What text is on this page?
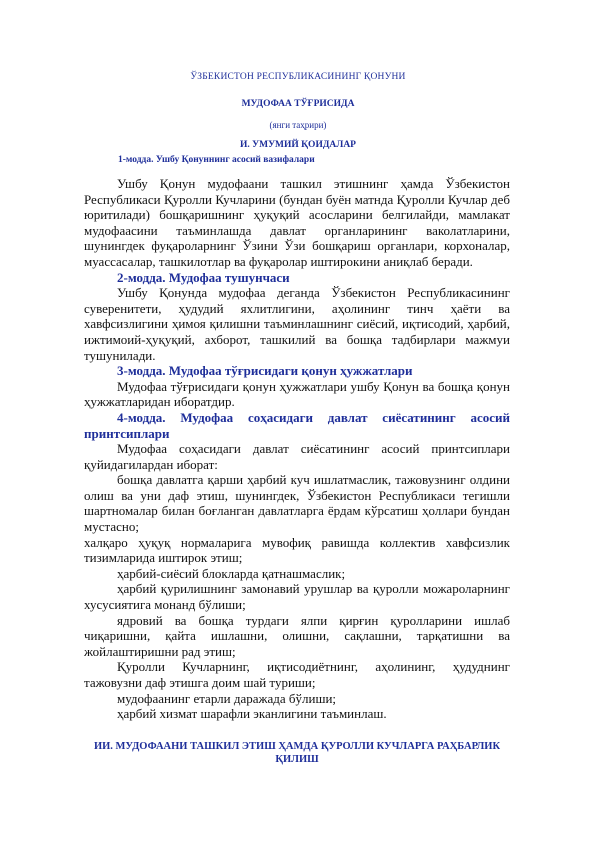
ЎЗБЕКИСТОН РЕСПУБЛИКАСИНИНГ ҚОНУНИ
МУДОФАА ТЎҒРИСИДА
(янги таҳрири)
И. УМУМИЙ ҚОИДАЛАР
1-модда. Ушбу Қонуннинг асосий вазифалари

Ушбу Қонун мудофаани ташкил этишнинг ҳамда Ўзбекистон Республикаси Қуролли Кучларини (бундан буён матнда Қуролли Кучлар деб юритилади) бошқаришнинг ҳуқуқий асосларини белгилайди, мамлакат мудофаасини таъминлашда давлат органларининг ваколатларини, шунингдек фуқароларнинг Ўзини Ўзи бошқариш органлари, корхоналар, муассасалар, ташкилотлар ва фуқаролар иштирокини аниқлаб беради.

2-модда. Мудофаа тушунчаси

Ушбу Қонунда мудофаа деганда Ўзбекистон Республикасининг суверенитети, ҳудудий яхлитлигини, аҳолининг тинч ҳаёти ва хавфсизлигини ҳимоя қилишни таъминлашнинг сиёсий, иқтисодий, ҳарбий, ижтимоий-ҳуқуқий, ахборот, ташкилий ва бошқа тадбирлари мажмуи тушунилади.

3-модда. Мудофаа тўғрисидаги қонун ҳужжатлари

Мудофаа тўғрисидаги қонун ҳужжатлари ушбу Қонун ва бошқа қонун ҳужжатларидан иборатдир.

4-модда. Мудофаа соҳасидаги давлат сиёсатининг асосий принтсиплари

Мудофаа соҳасидаги давлат сиёсатининг асосий принтсиплари қуйидагилардан иборат:

бошқа давлатга қарши ҳарбий куч ишлатмаслик, тажовузнинг олдини олиш ва уни даф этиш, шунингдек, Ўзбекистон Республикаси тегишли шартномалар билан боғланган давлатларга ёрдам кўрсатиш ҳоллари бундан мустасно;

халқаро ҳуқуқ нормаларига мувофиқ равишда коллектив хавфсизлик тизимларида иштирок этиш;

ҳарбий-сиёсий блокларда қатнашмаслик;

ҳарбий қурилишнинг замонавий урушлар ва қуролли можароларнинг хусусиятига монанд бўлиши;

ядровий ва бошқа турдаги ялпи қирғин қуролларини ишлаб чиқаришни, қайта ишлашни, олишни, сақлашни, тарқатишни ва жойлаштиришни рад этиш;

Қуролли Кучларнинг, иқтисодиётнинг, аҳолининг, ҳудуднинг тажовузни даф этишга доим шай туриши;

мудофаанинг етарли даражада бўлиши;

ҳарбий хизмат шарафли эканлигини таъминлаш.

ИИ. МУДОФААНИ ТАШКИЛ ЭТИШ ҲАМДА ҚУРОЛЛИ КУЧЛАРГА РАҲБАРЛИК ҚИЛИШ
